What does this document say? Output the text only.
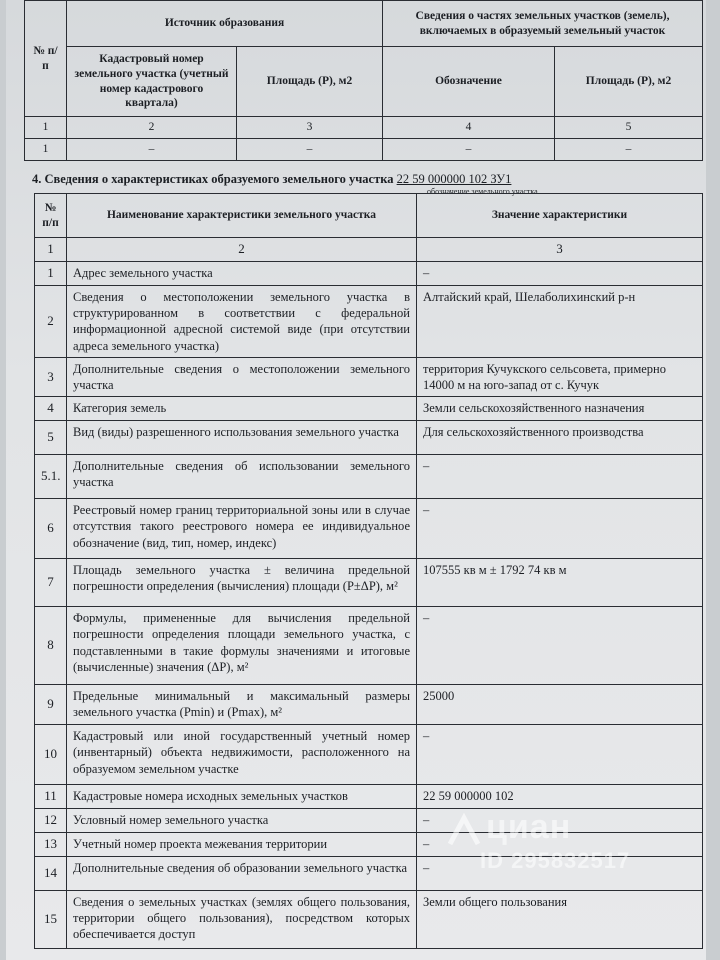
№ п/п	Источник образования		Сведения о частях земельных участков (земель), включаемых в образуемый земельный участок	
	Кадастровый номер земельного участка (учетный номер кадастрового квартала)	Площадь (P), м2	Обозначение	Площадь (P), м2
1	2	3	4	5
1	–	–	–	–
4. Сведения о характеристиках образуемого земельного участка 22 59 000000 102 ЗУ1
обозначение земельного участка
№ п/п	Наименование характеристики земельного участка	Значение характеристики
1	2	3
1	Адрес земельного участка	–
2	Сведения о местоположении земельного участка в структурированном в соответствии с федеральной информационной адресной системой виде (при отсутствии адреса земельного участка)	Алтайский край, Шелаболихинский р-н
3	Дополнительные сведения о местоположении земельного участка	территория Кучукского сельсовета, примерно 14000 м на юго-запад от с. Кучук
4	Категория земель	Земли сельскохозяйственного назначения
5	Вид (виды) разрешенного использования земельного участка	Для сельскохозяйственного производства
5.1.	Дополнительные сведения об использовании земельного участка	–
6	Реестровый номер границ территориальной зоны или в случае отсутствия такого реестрового номера ее индивидуальное обозначение (вид, тип, номер, индекс)	–
7	Площадь земельного участка ± величина предельной погрешности определения (вычисления) площади (P±ΔP), м²	107555 кв м ± 1792 74 кв м
8	Формулы, примененные для вычисления предельной погрешности определения площади земельного участка, с подставленными в такие формулы значениями и итоговые (вычисленные) значения (ΔP), м²	–
9	Предельные минимальный и максимальный размеры земельного участка (Pmin) и (Pmax), м²	25000
10	Кадастровый или иной государственный учетный номер (инвентарный) объекта недвижимости, расположенного на образуемом земельном участке	–
11	Кадастровые номера исходных земельных участков	22 59 000000 102
12	Условный номер земельного участка	–
13	Учетный номер проекта межевания территории	–
14	Дополнительные сведения об образовании земельного участка	–
15	Сведения о земельных участках (землях общего пользования, территории общего пользования), посредством которых обеспечивается доступ	Земли общего пользования
циан
ID 295832517
